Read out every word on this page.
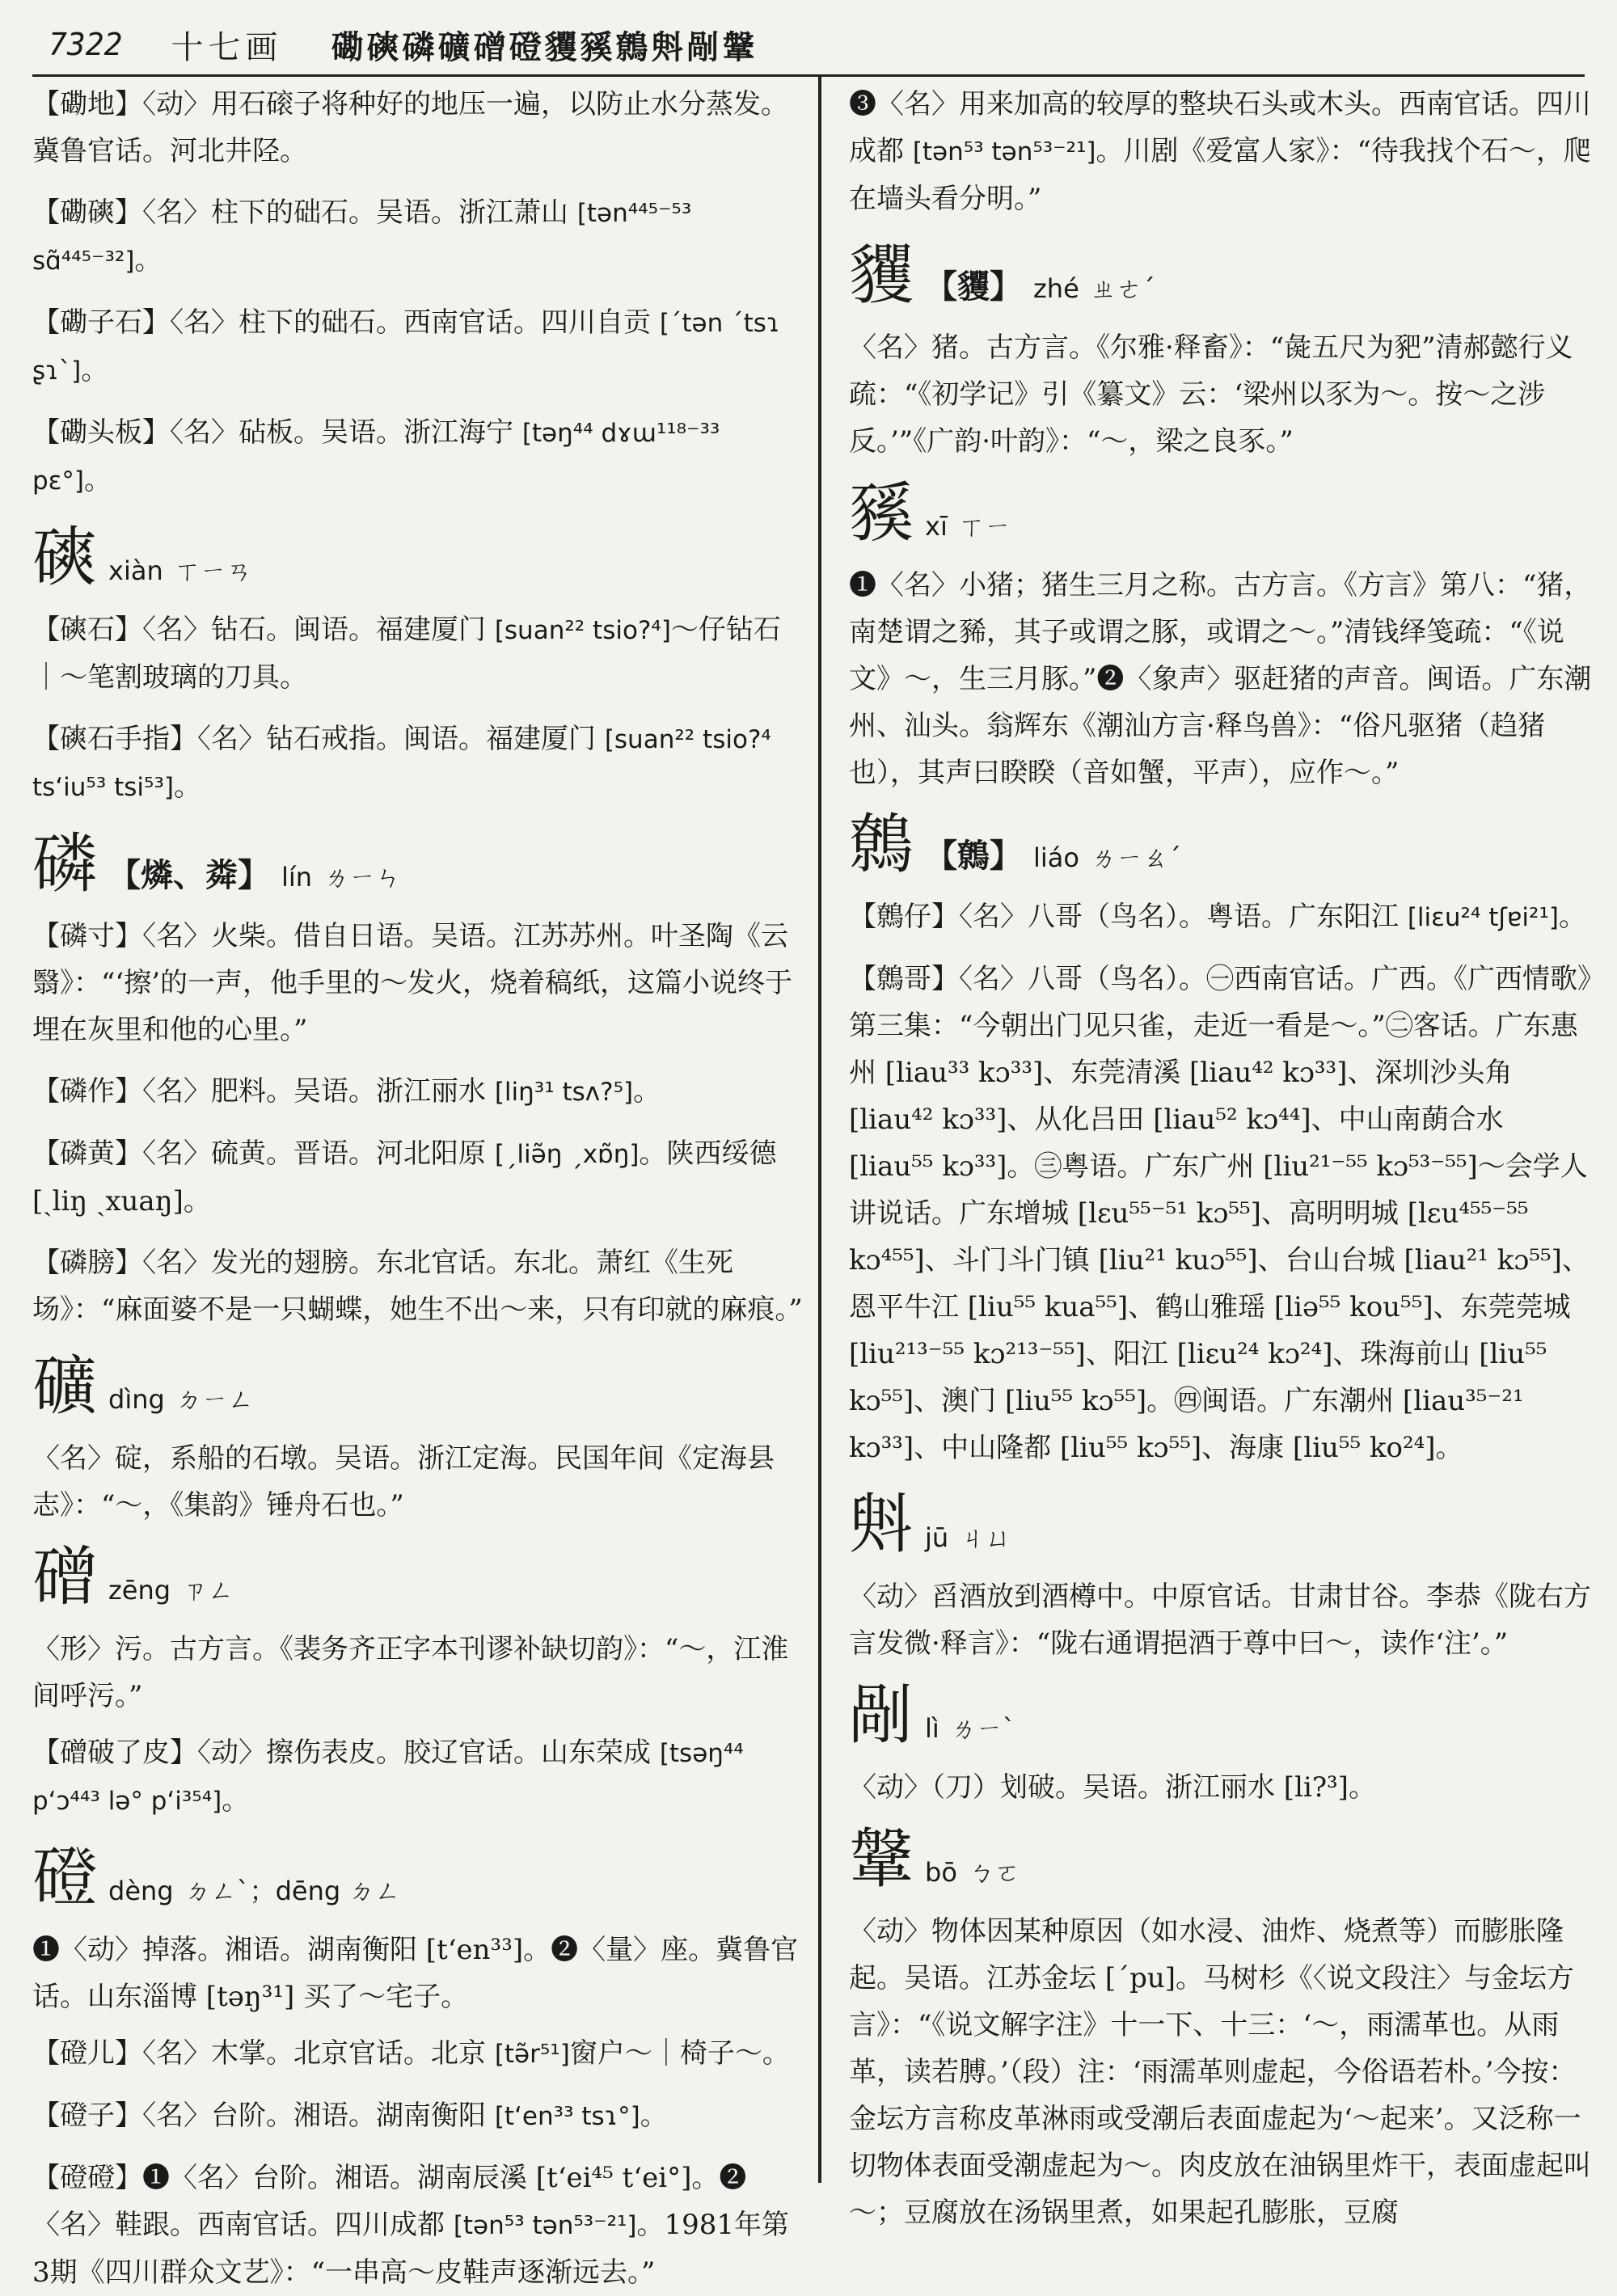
7322 十七画 磡磢磷礦磳磴貜豯鷯斞剮鞶
【磡地】〈动〉用石磙子将种好的地压一遍，以防止水分蒸发。冀鲁官话。河北井陉。
【磡磢】〈名〉柱下的础石。吴语。浙江萧山 [tən⁴⁴⁵⁻⁵³ sɑ̃⁴⁴⁵⁻³²]。
【磡子石】〈名〉柱下的础石。西南官话。四川自贡 [ˊtən ˊtsɿ ʂɿˋ]。
【磡头板】〈名〉砧板。吴语。浙江海宁 [təŋ⁴⁴ dɤɯ¹¹⁸⁻³³ pɛ°]。
磢 xiàn ㄒㄧㄢ
【磢石】〈名〉钻石。闽语。福建厦门 [suan²² tsio?⁴]～仔钻石｜～笔割玻璃的刀具。
【磢石手指】〈名〉钻石戒指。闽语。福建厦门 [suan²² tsio?⁴ tsʻiu⁵³ tsi⁵³]。
磷 【燐、粦】 lín ㄌㄧㄣ
【磷寸】〈名〉火柴。借自日语。吴语。江苏苏州。叶圣陶《云翳》：“‘擦’的一声，他手里的～发火，烧着稿纸，这篇小说终于埋在灰里和他的心里。”
【磷作】〈名〉肥料。吴语。浙江丽水 [liŋ³¹ tsʌ?⁵]。
【磷黄】〈名〉硫黄。晋语。河北阳原 [ˏliə̃ŋ ˏxɒ̃ŋ]。陕西绥德 [ˏliŋ ˏxuaŋ]。
【磷膀】〈名〉发光的翅膀。东北官话。东北。萧红《生死场》：“麻面婆不是一只蝴蝶，她生不出～来，只有印就的麻痕。”
礦 dìng ㄉㄧㄥ
〈名〉碇，系船的石墩。吴语。浙江定海。民国年间《定海县志》：“～，《集韵》锤舟石也。”
磳 zēng ㄗㄥ
〈形〉污。古方言。《裴务齐正字本刊谬补缺切韵》：“～，江淮间呼污。”
【磳破了皮】〈动〉擦伤表皮。胶辽官话。山东荣成 [tsəŋ⁴⁴ pʻɔ⁴⁴³ lə° pʻi³⁵⁴]。
磴 dèng ㄉㄥˋ；dēng ㄉㄥ
❶〈动〉掉落。湘语。湖南衡阳 [tʻen³³]。❷〈量〉座。冀鲁官话。山东淄博 [təŋ³¹] 买了～宅子。
【磴儿】〈名〉木掌。北京官话。北京 [tə̃r⁵¹]窗户～｜椅子～。
【磴子】〈名〉台阶。湘语。湖南衡阳 [tʻen³³ tsɿ°]。
【磴磴】❶〈名〉台阶。湘语。湖南辰溪 [tʻei⁴⁵ tʻei°]。❷〈名〉鞋跟。西南官话。四川成都 [tən⁵³ tən⁵³⁻²¹]。1981年第3期《四川群众文艺》：“一串高～皮鞋声逐渐远去。”
❸〈名〉用来加高的较厚的整块石头或木头。西南官话。四川成都 [tən⁵³ tən⁵³⁻²¹]。川剧《爱富人家》：“待我找个石～，爬在墙头看分明。”
貜 【貜】 zhé ㄓㄜˊ
〈名〉猪。古方言。《尔雅·释畜》：“彘五尺为豝”清郝懿行义疏：“《初学记》引《纂文》云：‘梁州以豕为～。按～之涉反。’”《广韵·叶韵》：“～，梁之良豕。”
豯 xī ㄒㄧ
❶〈名〉小猪；猪生三月之称。古方言。《方言》第八：“猪，南楚谓之豨，其子或谓之豚，或谓之～。”清钱绎笺疏：“《说文》～，生三月豚。”❷〈象声〉驱赶猪的声音。闽语。广东潮州、汕头。翁辉东《潮汕方言·释鸟兽》：“俗凡驱猪（趋猪也），其声曰睽睽（音如蟹，平声），应作～。”
鷯 【鷯】 liáo ㄌㄧㄠˊ
【鷯仔】〈名〉八哥（鸟名）。粤语。广东阳江 [liɛu²⁴ tʃɐi²¹]。
【鷯哥】〈名〉八哥（鸟名）。㊀西南官话。广西。《广西情歌》第三集：“今朝出门见只雀，走近一看是～。”㊁客话。广东惠州 [liau³³ kɔ³³]、东莞清溪 [liau⁴² kɔ³³]、深圳沙头角 [liau⁴² kɔ³³]、从化吕田 [liau⁵² kɔ⁴⁴]、中山南蓢合水 [liau⁵⁵ kɔ³³]。㊂粤语。广东广州 [liu²¹⁻⁵⁵ kɔ⁵³⁻⁵⁵]～会学人讲说话。广东增城 [lɛu⁵⁵⁻⁵¹ kɔ⁵⁵]、高明明城 [lɛu⁴⁵⁵⁻⁵⁵ kɔ⁴⁵⁵]、斗门斗门镇 [liu²¹ kuɔ⁵⁵]、台山台城 [liau²¹ kɔ⁵⁵]、恩平牛江 [liu⁵⁵ kua⁵⁵]、鹤山雅瑶 [liə⁵⁵ kou⁵⁵]、东莞莞城 [liu²¹³⁻⁵⁵ kɔ²¹³⁻⁵⁵]、阳江 [liɛu²⁴ kɔ²⁴]、珠海前山 [liu⁵⁵ kɔ⁵⁵]、澳门 [liu⁵⁵ kɔ⁵⁵]。㊃闽语。广东潮州 [liau³⁵⁻²¹ kɔ³³]、中山隆都 [liu⁵⁵ kɔ⁵⁵]、海康 [liu⁵⁵ ko²⁴]。
斞 jū ㄐㄩ
〈动〉舀酒放到酒樽中。中原官话。甘肃甘谷。李恭《陇右方言发微·释言》：“陇右通谓挹酒于尊中曰～，读作‘注’。”
剮 lì ㄌㄧˋ
〈动〉（刀）划破。吴语。浙江丽水 [li?³]。
鞶 bō ㄅㄛ
〈动〉物体因某种原因（如水浸、油炸、烧煮等）而膨胀隆起。吴语。江苏金坛 [ˊpu]。马树杉《〈说文段注〉与金坛方言》：“《说文解字注》十一下、十三：‘～，雨濡革也。从雨革，读若膊。’（段）注：‘雨濡革则虚起，今俗语若朴。’今按：金坛方言称皮革淋雨或受潮后表面虚起为‘～起来’。又泛称一切物体表面受潮虚起为～。肉皮放在油锅里炸干，表面虚起叫～；豆腐放在汤锅里煮，如果起孔膨胀，豆腐
